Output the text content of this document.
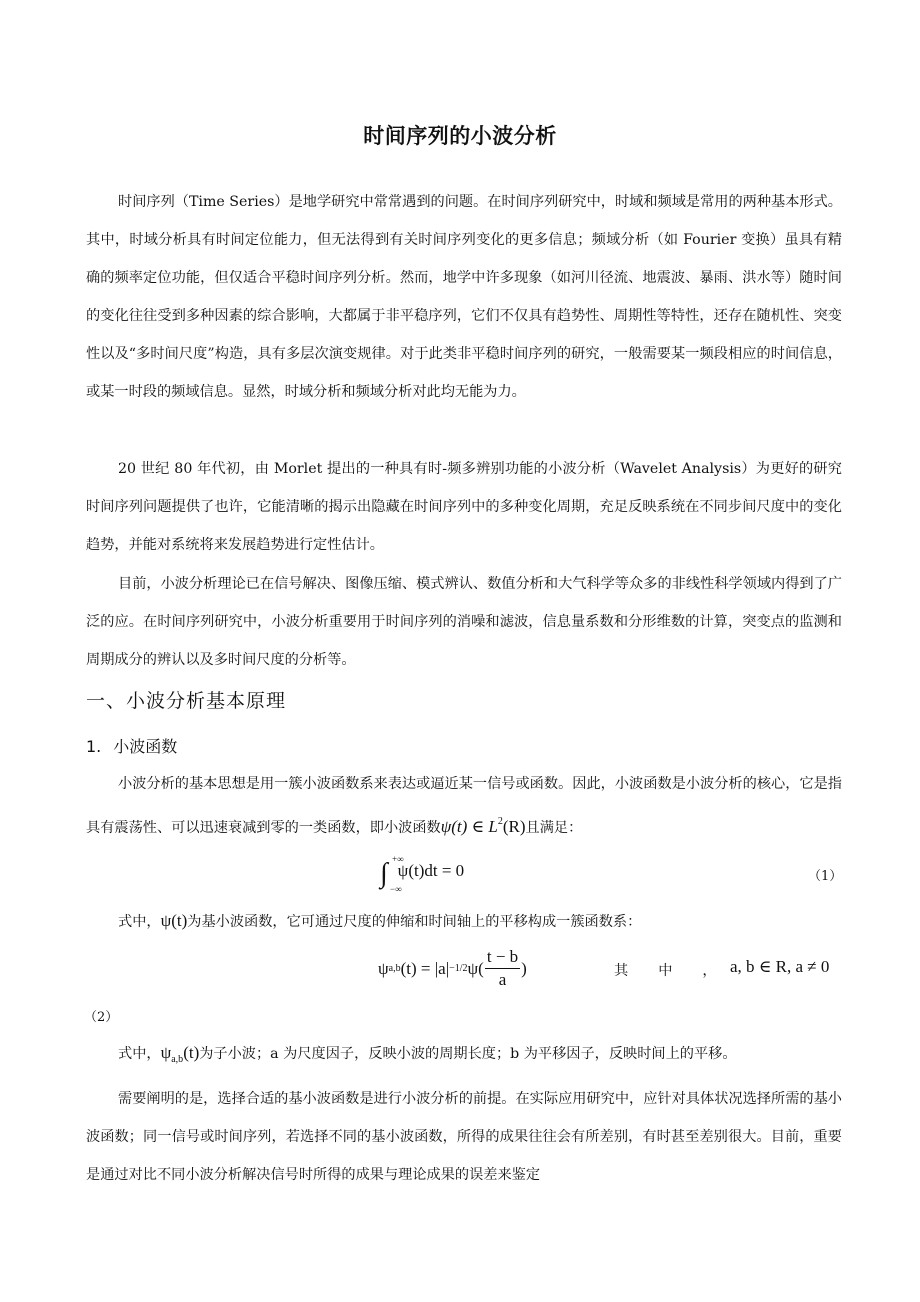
时间序列的小波分析

时间序列（Time Series）是地学研究中常常遇到的问题。在时间序列研究中，时域和频域是常用的两种基本形式。其中，时域分析具有时间定位能力，但无法得到有关时间序列变化的更多信息；频域分析（如 Fourier 变换）虽具有精确的频率定位功能，但仅适合平稳时间序列分析。然而，地学中许多现象（如河川径流、地震波、暴雨、洪水等）随时间的变化往往受到多种因素的综合影响，大都属于非平稳序列，它们不仅具有趋势性、周期性等特性，还存在随机性、突变性以及“多时间尺度”构造，具有多层次演变规律。对于此类非平稳时间序列的研究，一般需要某一频段相应的时间信息，或某一时段的频域信息。显然，时域分析和频域分析对此均无能为力。

20 世纪 80 年代初，由 Morlet 提出的一种具有时-频多辨别功能的小波分析（Wavelet Analysis）为更好的研究时间序列问题提供了也许，它能清晰的揭示出隐藏在时间序列中的多种变化周期，充足反映系统在不同步间尺度中的变化趋势，并能对系统将来发展趋势进行定性估计。

目前，小波分析理论已在信号解决、图像压缩、模式辨认、数值分析和大气科学等众多的非线性科学领域内得到了广泛的应。在时间序列研究中，小波分析重要用于时间序列的消噪和滤波，信息量系数和分形维数的计算，突变点的监测和周期成分的辨认以及多时间尺度的分析等。

一、小波分析基本原理
1. 小波函数

小波分析的基本思想是用一簇小波函数系来表达或逼近某一信号或函数。因此，小波函数是小波分析的核心，它是指具有震荡性、可以迅速衰减到零的一类函数，即小波函数ψ(t) ∈ $L^2(R)$且满足：

∫ +∞
−∞
ψ(t)dt = 0	（1）
式中，ψ(t)为基小波函数，它可通过尺度的伸缩和时间轴上的平移构成一簇函数系：
ψ a,b (t) = |a| −1/2 $\psi( \frac{t - b}{a}$ )	其 中 ， a, b ∈ R, a ≠ 0
（2）
式中，$\psi_{a,b}(t)$为子小波；a 为尺度因子，反映小波的周期长度；b 为平移因子，反映时间上的平移。

需要阐明的是，选择合适的基小波函数是进行小波分析的前提。在实际应用研究中，应针对具体状况选择所需的基小波函数；同一信号或时间序列，若选择不同的基小波函数，所得的成果往往会有所差别，有时甚至差别很大。目前，重要是通过对比不同小波分析解决信号时所得的成果与理论成果的误差来鉴定
